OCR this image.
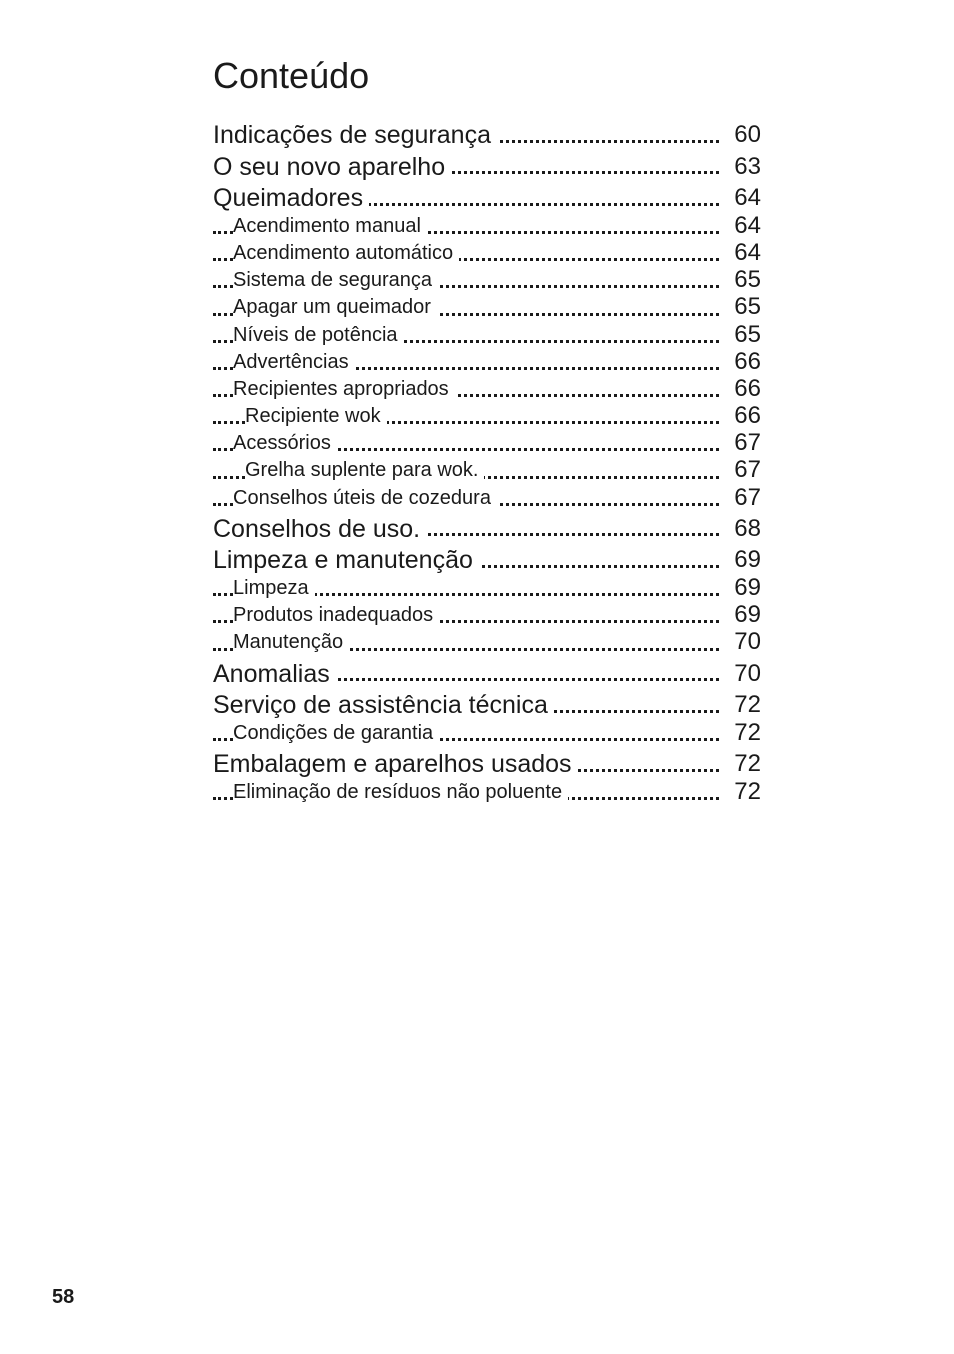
Conteúdo
Indicações de segurança	60
O seu novo aparelho	63
Queimadores	64
Acendimento manual	64
Acendimento automático	64
Sistema de segurança	65
Apagar um queimador	65
Níveis de potência	65
Advertências	66
Recipientes apropriados	66
Recipiente wok	66
Acessórios	67
Grelha suplente para wok.	67
Conselhos úteis de cozedura	67
Conselhos de uso.	68
Limpeza e manutenção	69
Limpeza	69
Produtos inadequados	69
Manutenção	70
Anomalias	70
Serviço de assistência técnica	72
Condições de garantia	72
Embalagem e aparelhos usados	72
Eliminação de resíduos não poluente	72

58
